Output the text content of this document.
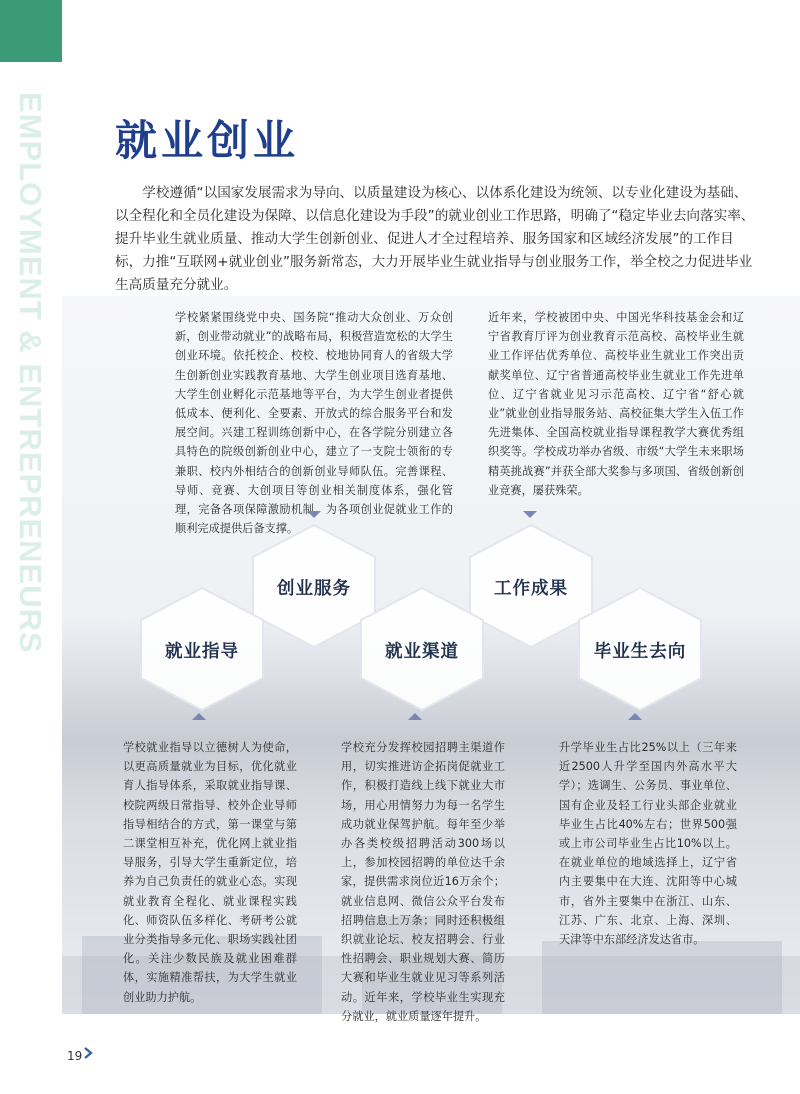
EMPLOYMENT & ENTREPRENEURS 就业创业

学校遵循“以国家发展需求为导向、以质量建设为核心、以体系化建设为统领、以专业化建设为基础、以全程化和全员化建设为保障、以信息化建设为手段”的就业创业工作思路，明确了“稳定毕业去向落实率、提升毕业生就业质量、推动大学生创新创业、促进人才全过程培养、服务国家和区域经济发展”的工作目标，力推“互联网+就业创业”服务新常态，大力开展毕业生就业指导与创业服务工作，举全校之力促进毕业生高质量充分就业。

学校紧紧围绕党中央、国务院“推动大众创业、万众创新，创业带动就业”的战略布局，积极营造宽松的大学生创业环境。依托校企、校校、校地协同育人的省级大学生创新创业实践教育基地、大学生创业项目选育基地、大学生创业孵化示范基地等平台，为大学生创业者提供低成本、便利化、全要素、开放式的综合服务平台和发展空间。兴建工程训练创新中心，在各学院分别建立各具特色的院级创新创业中心，建立了一支院士领衔的专兼职、校内外相结合的创新创业导师队伍。完善课程、导师、竞赛、大创项目等创业相关制度体系，强化管理，完备各项保障激励机制，为各项创业促就业工作的顺利完成提供后备支撑。

近年来，学校被团中央、中国光华科技基金会和辽宁省教育厅评为创业教育示范高校、高校毕业生就业工作评估优秀单位、高校毕业生就业工作突出贡献奖单位、辽宁省普通高校毕业生就业工作先进单位、辽宁省就业见习示范高校、辽宁省“舒心就业”就业创业指导服务站、高校征集大学生入伍工作先进集体、全国高校就业指导课程教学大赛优秀组织奖等。学校成功举办省级、市级“大学生未来职场精英挑战赛”并获全部大奖参与多项国、省级创新创业竞赛，屡获殊荣。

创业服务	工作成果
就业指导	就业渠道	毕业生去向

学校就业指导以立德树人为使命，以更高质量就业为目标，优化就业育人指导体系，采取就业指导课、校院两级日常指导、校外企业导师指导相结合的方式，第一课堂与第二课堂相互补充，优化网上就业指导服务，引导大学生重新定位，培养为自己负责任的就业心态。实现就业教育全程化、就业课程实践化、师资队伍多样化、考研考公就业分类指导多元化、职场实践社团化。关注少数民族及就业困难群体，实施精准帮扶，为大学生就业创业助力护航。

学校充分发挥校园招聘主渠道作用，切实推进访企拓岗促就业工作，积极打造线上线下就业大市场，用心用情努力为每一名学生成功就业保驾护航。每年至少举办各类校级招聘活动300场以上，参加校园招聘的单位达千余家，提供需求岗位近16万余个；就业信息网、微信公众平台发布招聘信息上万条；同时还积极组织就业论坛、校友招聘会、行业性招聘会、职业规划大赛、简历大赛和毕业生就业见习等系列活动。近年来，学校毕业生实现充分就业，就业质量逐年提升。

升学毕业生占比25%以上（三年来近2500人升学至国内外高水平大学）；选调生、公务员、事业单位、国有企业及轻工行业头部企业就业毕业生占比40%左右；世界500强或上市公司毕业生占比10%以上。在就业单位的地域选择上，辽宁省内主要集中在大连、沈阳等中心城市，省外主要集中在浙江、山东、江苏、广东、北京、上海、深圳、天津等中东部经济发达省市。

19
